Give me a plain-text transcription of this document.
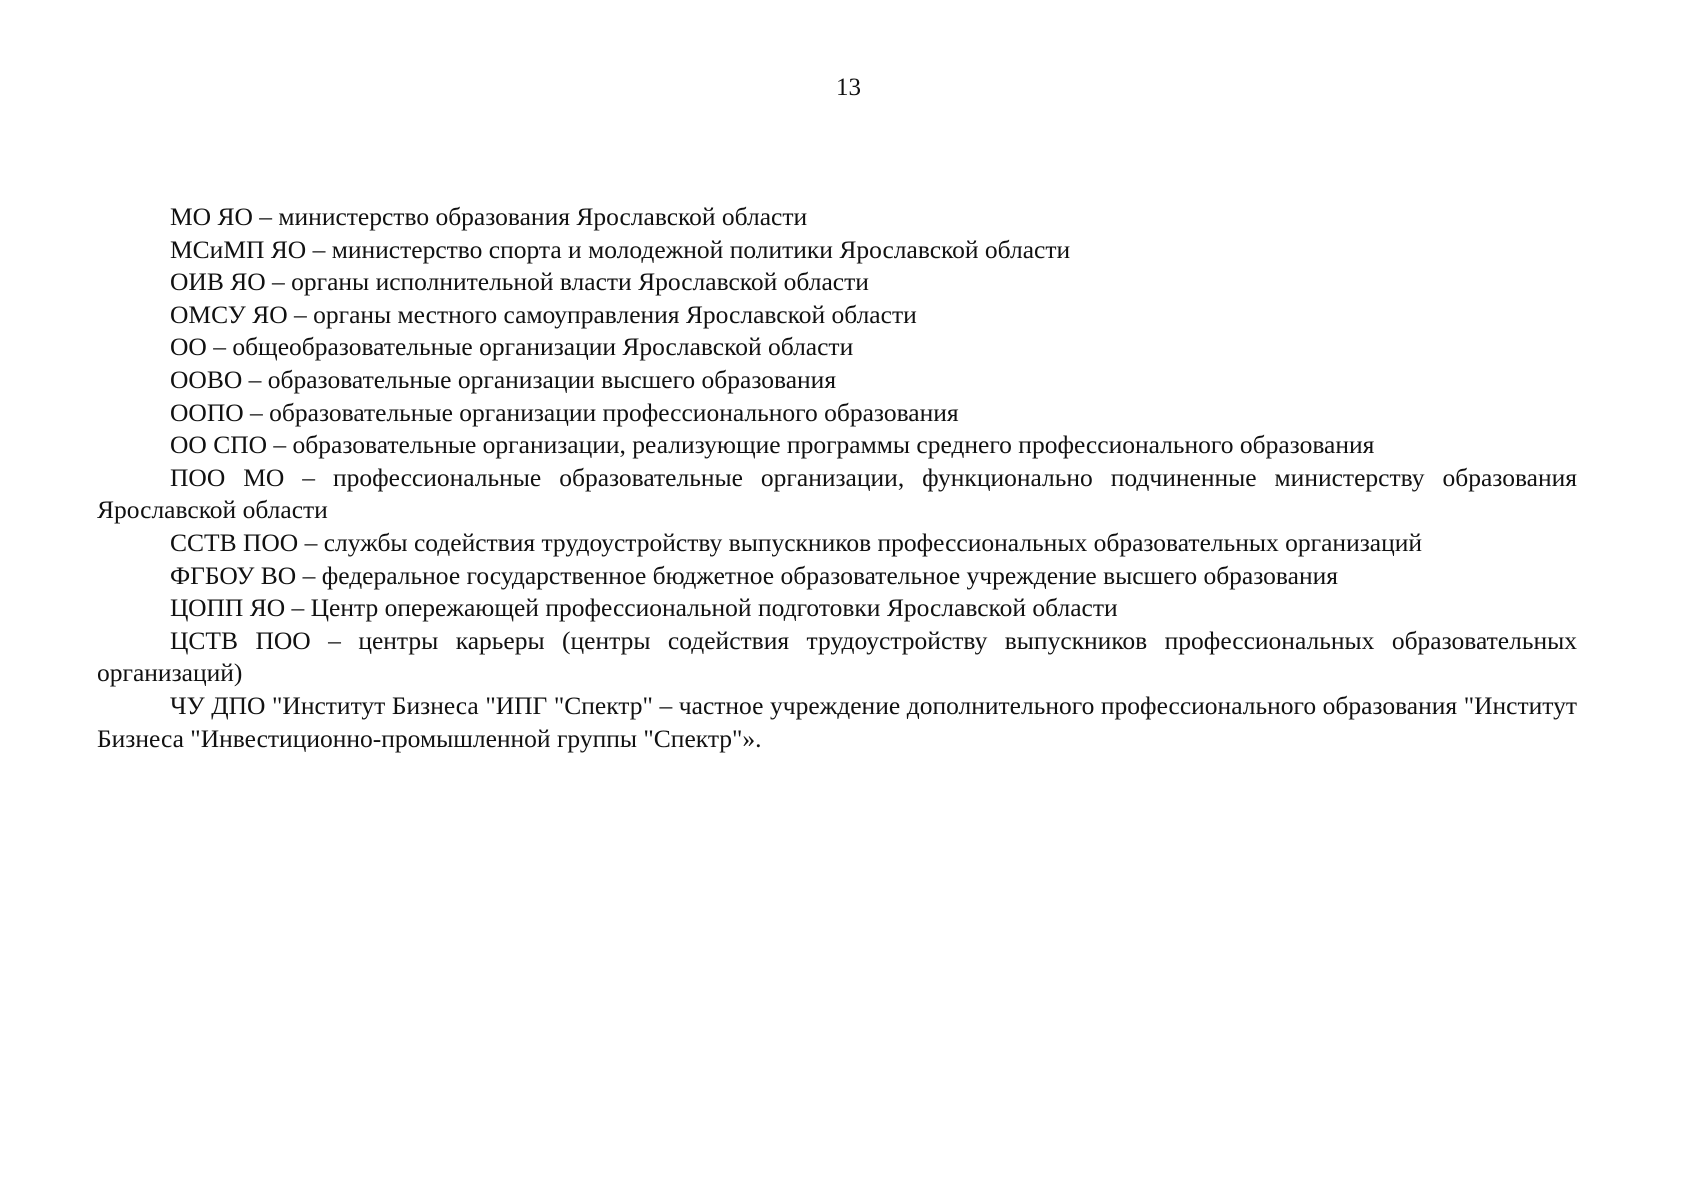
13

МО ЯО – министерство образования Ярославской области

МСиМП ЯО – министерство спорта и молодежной политики Ярославской области

ОИВ ЯО – органы исполнительной власти Ярославской области

ОМСУ ЯО – органы местного самоуправления Ярославской области

ОО – общеобразовательные организации Ярославской области

ООВО – образовательные организации высшего образования

ООПО – образовательные организации профессионального образования

ОО СПО – образовательные организации, реализующие программы среднего профессионального образования

ПОО МО – профессиональные образовательные организации, функционально подчиненные министерству образования Ярославской области

ССТВ ПОО – службы содействия трудоустройству выпускников профессиональных образовательных организаций

ФГБОУ ВО – федеральное государственное бюджетное образовательное учреждение высшего образования

ЦОПП ЯО – Центр опережающей профессиональной подготовки Ярославской области

ЦСТВ ПОО – центры карьеры (центры содействия трудоустройству выпускников профессиональных образовательных организаций)

ЧУ ДПО "Институт Бизнеса "ИПГ "Спектр" – частное учреждение дополнительного профессионального образования "Институт Бизнеса "Инвестиционно-промышленной группы "Спектр"».
